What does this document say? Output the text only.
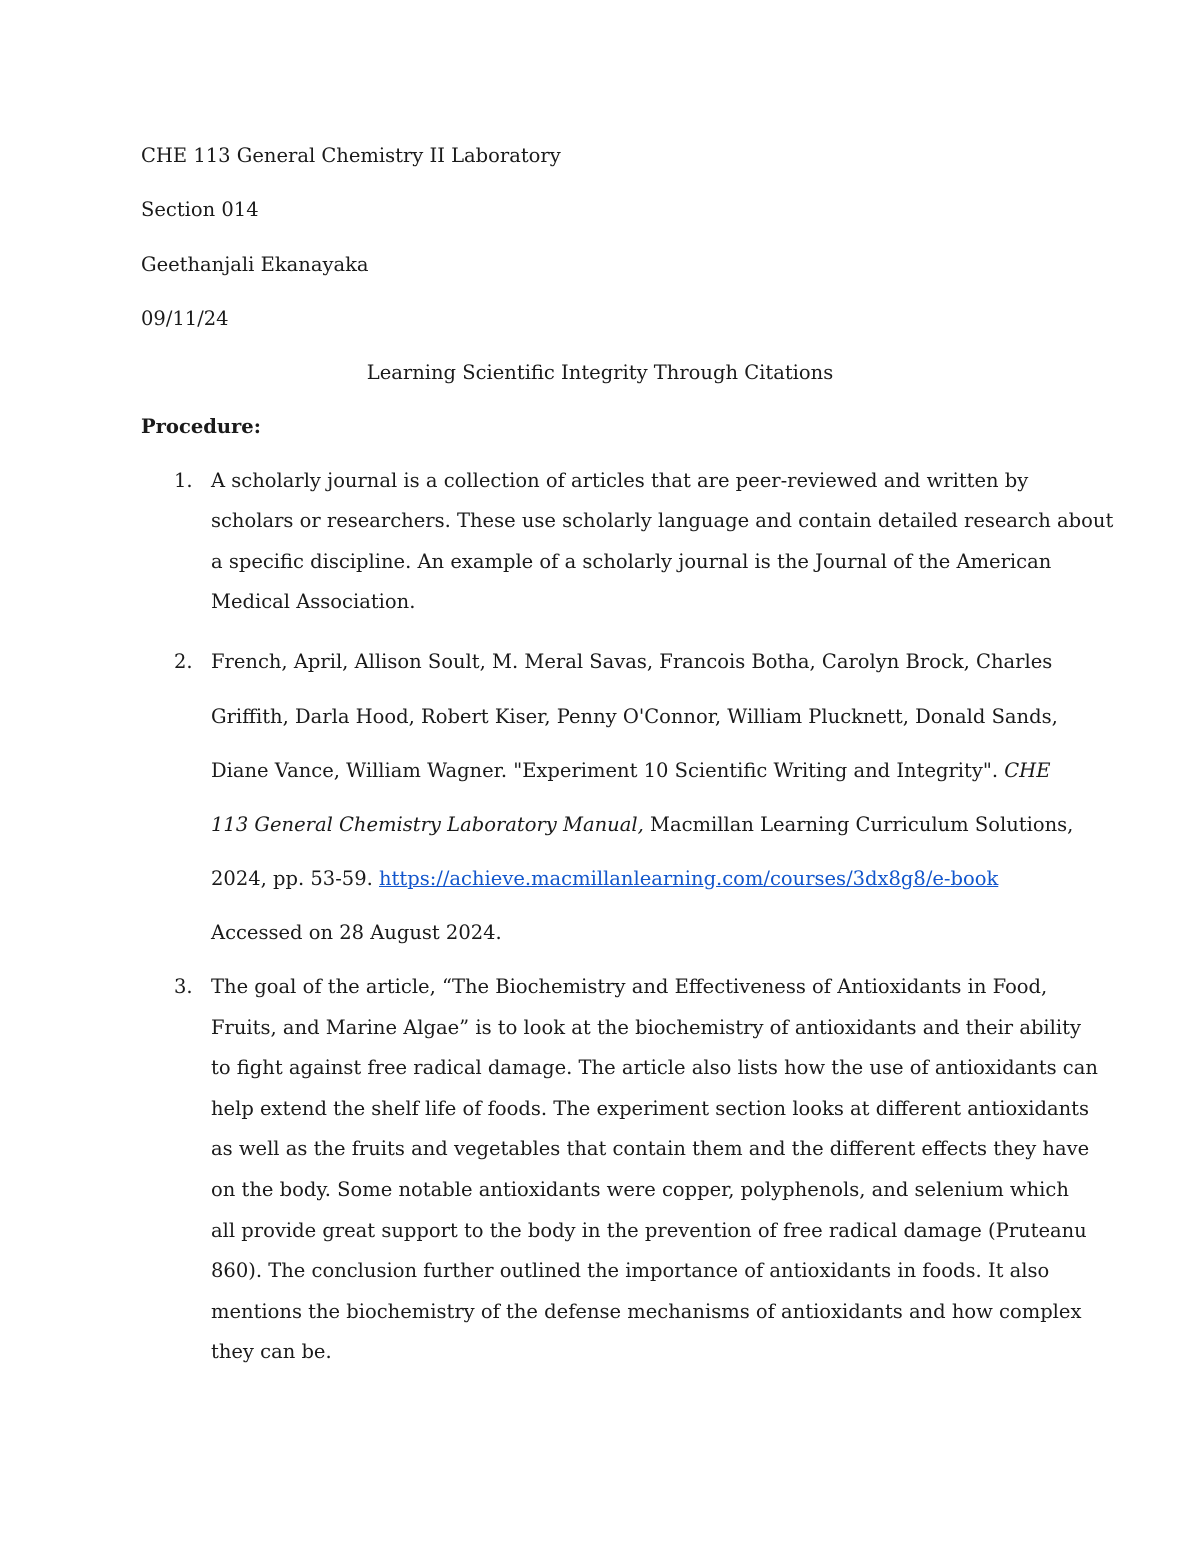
CHE 113 General Chemistry II Laboratory
Section 014
Geethanjali Ekanayaka
09/11/24
Learning Scientific Integrity Through Citations
Procedure:
1. A scholarly journal is a collection of articles that are peer-reviewed and written by
scholars or researchers. These use scholarly language and contain detailed research about
a specific discipline. An example of a scholarly journal is the Journal of the American
Medical Association.
2. French, April, Allison Soult, M. Meral Savas, Francois Botha, Carolyn Brock, Charles
Griffith, Darla Hood, Robert Kiser, Penny O'Connor, William Plucknett, Donald Sands,
Diane Vance, William Wagner. "Experiment 10 Scientific Writing and Integrity". CHE
113 General Chemistry Laboratory Manual, Macmillan Learning Curriculum Solutions,
2024, pp. 53-59. https://achieve.macmillanlearning.com/courses/3dx8g8/e-book
Accessed on 28 August 2024.
3. The goal of the article, “The Biochemistry and Effectiveness of Antioxidants in Food,
Fruits, and Marine Algae” is to look at the biochemistry of antioxidants and their ability
to fight against free radical damage. The article also lists how the use of antioxidants can
help extend the shelf life of foods. The experiment section looks at different antioxidants
as well as the fruits and vegetables that contain them and the different effects they have
on the body. Some notable antioxidants were copper, polyphenols, and selenium which
all provide great support to the body in the prevention of free radical damage (Pruteanu
860). The conclusion further outlined the importance of antioxidants in foods. It also
mentions the biochemistry of the defense mechanisms of antioxidants and how complex
they can be.
